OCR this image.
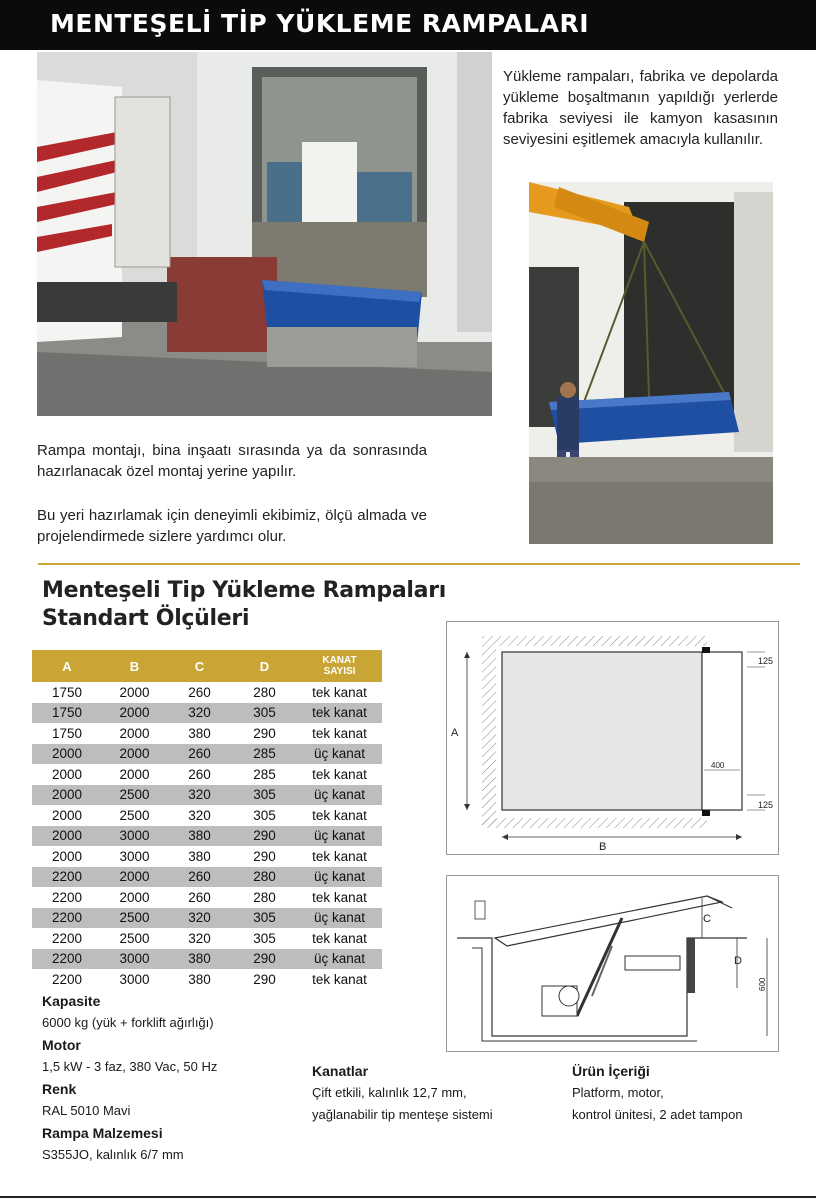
MENTEŞELİ TİP YÜKLEME RAMPALARI

Yükleme rampaları, fabrika ve depolarda yükleme boşaltmanın yapıldığı yerlerde fabrika seviyesi ile kamyon kasasının seviyesini eşitlemek amacıyla kullanılır.

Rampa montajı, bina inşaatı sırasında ya da sonrasında hazırlanacak özel montaj yerine yapılır.

Bu yeri hazırlamak için deneyimli ekibimiz, ölçü almada ve projelendirmede sizlere yardımcı olur.

Menteşeli Tip Yükleme Rampaları
Standart Ölçüleri
A	B	C	D	KANAT
SAYISI

1750	2000	260	280	tek kanat
1750	2000	320	305	tek kanat
1750	2000	380	290	tek kanat
2000	2000	260	285	üç kanat
2000	2000	260	285	tek kanat
2000	2500	320	305	üç kanat
2000	2500	320	305	tek kanat
2000	3000	380	290	üç kanat
2000	3000	380	290	tek kanat
2200	2000	260	280	üç kanat
2200	2000	260	280	tek kanat
2200	2500	320	305	üç kanat
2200	2500	320	305	tek kanat
2200	3000	380	290	üç kanat
2200	3000	380	290	tek kanat
Kapasite
6000 kg (yük + forklift ağırlığı)
Motor
1,5 kW - 3 faz, 380 Vac, 50 Hz
Renk
RAL 5010 Mavi
Rampa Malzemesi
S355JO, kalınlık 6/7 mm
Kanatlar
Çift etkili, kalınlık 12,7 mm,
yağlanabilir tip menteşe sistemi
Ürün İçeriği
Platform, motor,
kontrol ünitesi, 2 adet tampon
A
B
125
400
125
C
D
600
